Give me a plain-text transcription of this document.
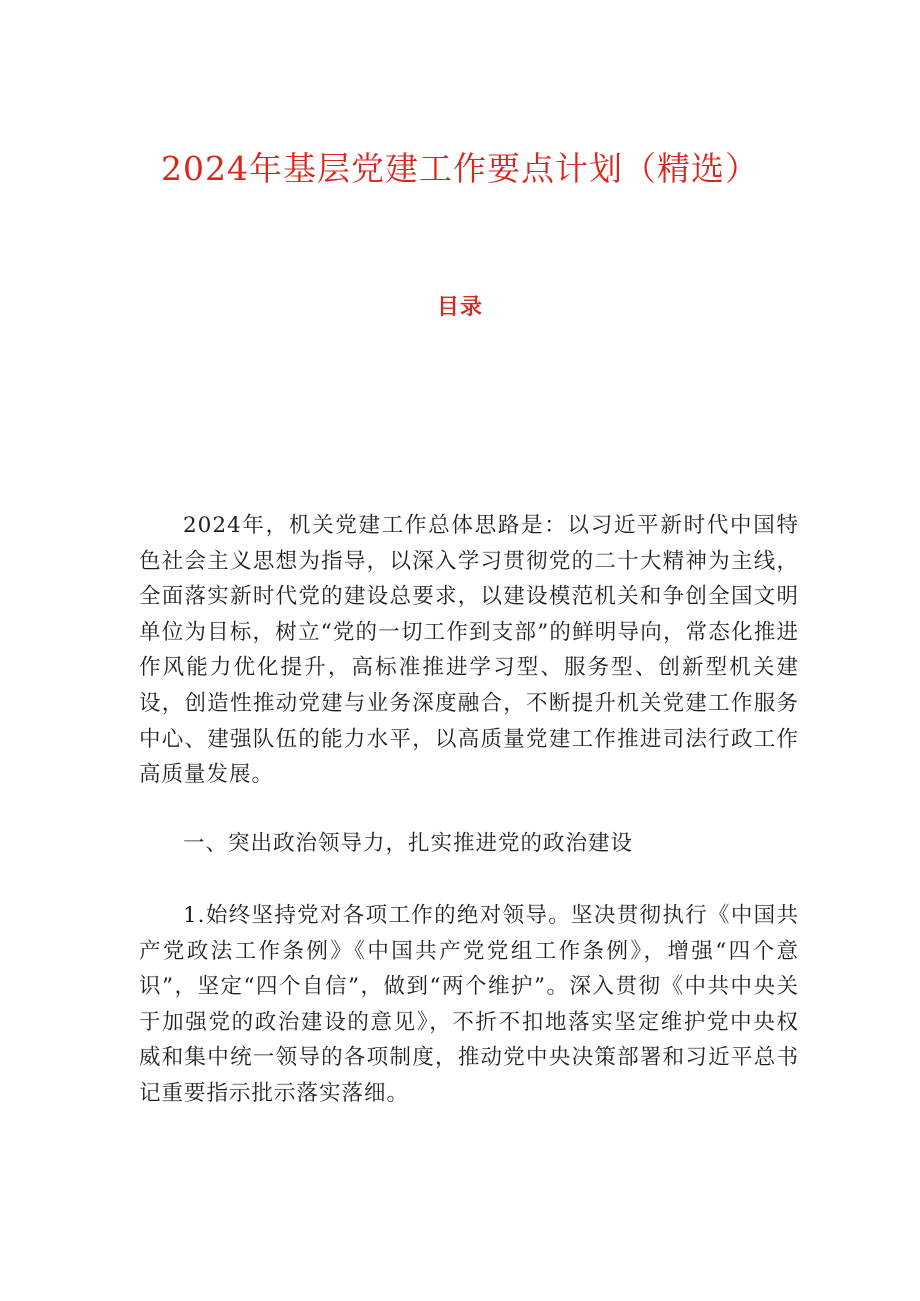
2024年基层党建工作要点计划（精选）
目录

2024年，机关党建工作总体思路是：以习近平新时代中国特色社会主义思想为指导，以深入学习贯彻党的二十大精神为主线，全面落实新时代党的建设总要求，以建设模范机关和争创全国文明单位为目标，树立“党的一切工作到支部”的鲜明导向，常态化推进作风能力优化提升，高标准推进学习型、服务型、创新型机关建设，创造性推动党建与业务深度融合，不断提升机关党建工作服务中心、建强队伍的能力水平，以高质量党建工作推进司法行政工作高质量发展。

一、突出政治领导力，扎实推进党的政治建设

1.始终坚持党对各项工作的绝对领导。坚决贯彻执行《中国共产党政法工作条例》《中国共产党党组工作条例》，增强“四个意识”，坚定“四个自信”，做到“两个维护”。深入贯彻《中共中央关于加强党的政治建设的意见》，不折不扣地落实坚定维护党中央权威和集中统一领导的各项制度，推动党中央决策部署和习近平总书记重要指示批示落实落细。
